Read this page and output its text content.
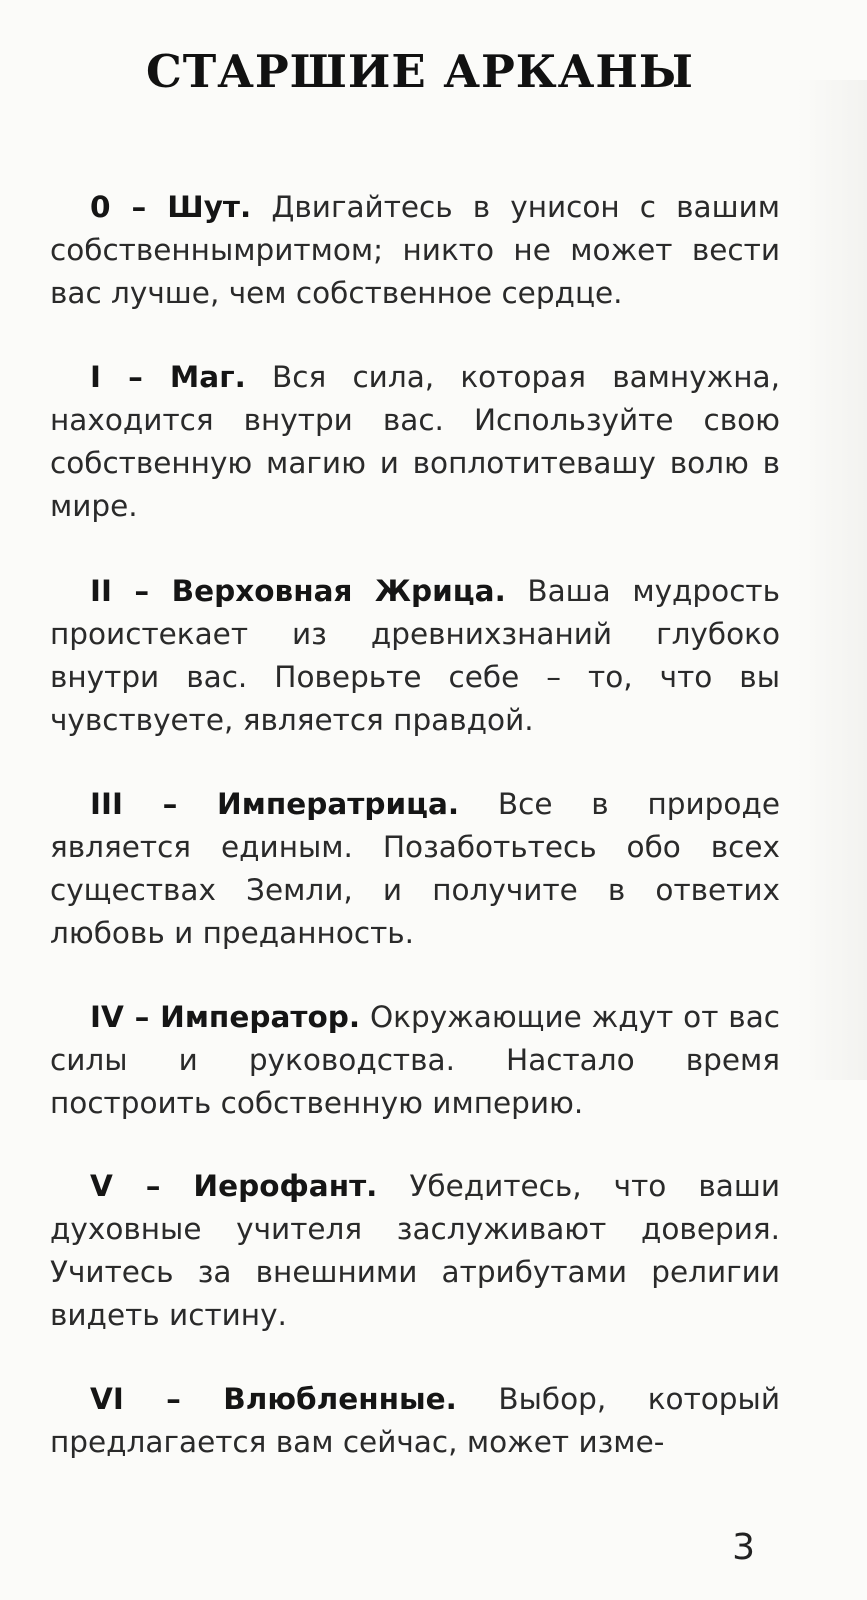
СТАРШИЕ АРКАНЫ

0 – Шут. Двигайтесь в унисон с вашим собственнымритмом; никто не может вести вас лучше, чем собственное сердце.

I – Маг. Вся сила, которая вамнужна, находится внутри вас. Используйте свою собственную магию и воплотитевашу волю в мире.

II – Верховная Жрица. Ваша мудрость проистекает из древнихзнаний глубоко внутри вас. Поверьте себе – то, что вы чувствуете, является правдой.

III – Императрица. Все в природе является единым. Позаботьтесь обо всех существах Земли, и получите в ответих любовь и преданность.

IV – Император. Окружающие ждут от вас силы и руководства. Настало время построить собственную империю.

V – Иерофант. Убедитесь, что ваши духовные учителя заслуживают доверия. Учитесь за внешними атрибутами религии видеть истину.

VI – Влюбленные. Выбор, который предлагается вам сейчас, может изме-

3
